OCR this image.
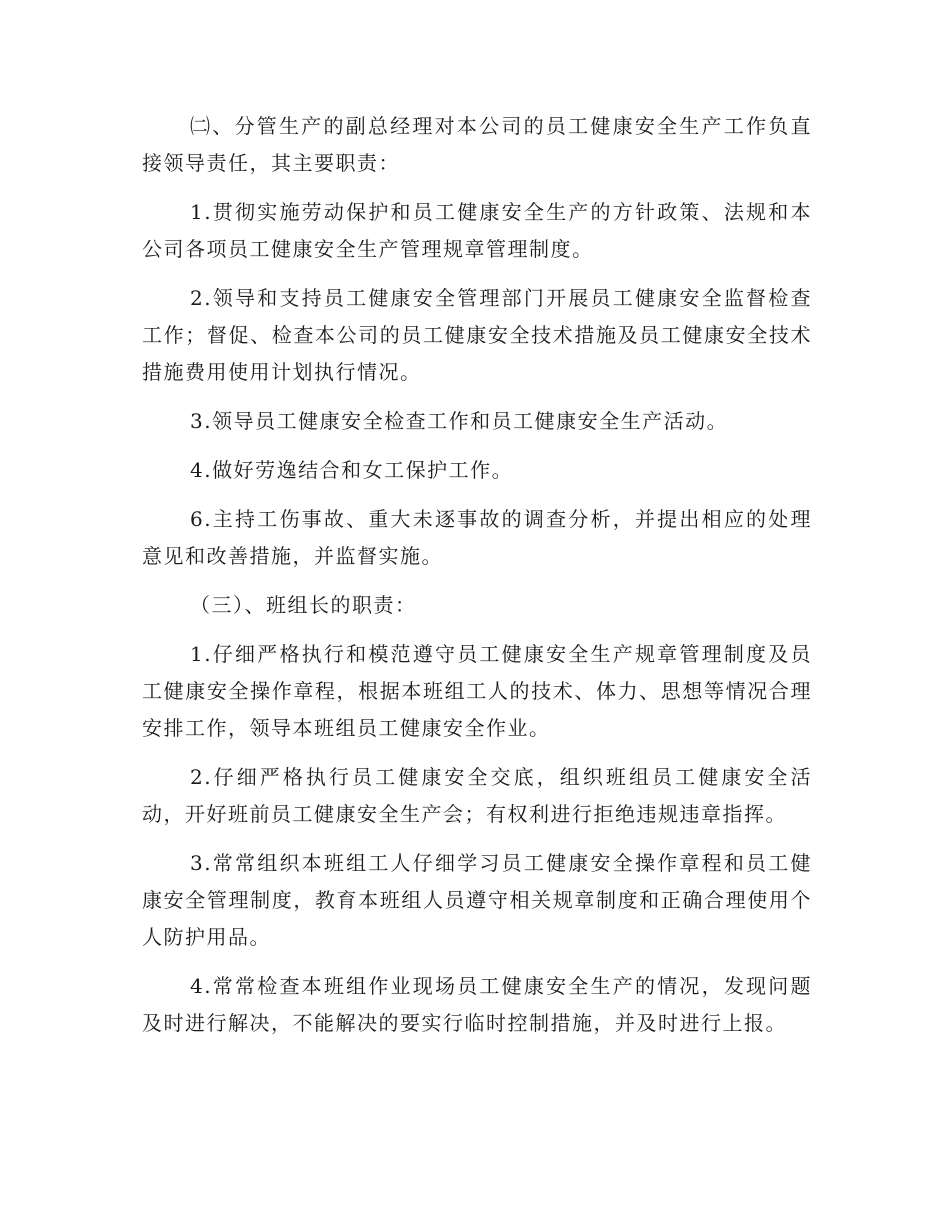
㈡、分管生产的副总经理对本公司的员工健康安全生产工作负直接领导责任，其主要职责：

1.贯彻实施劳动保护和员工健康安全生产的方针政策、法规和本公司各项员工健康安全生产管理规章管理制度。

2.领导和支持员工健康安全管理部门开展员工健康安全监督检查工作；督促、检查本公司的员工健康安全技术措施及员工健康安全技术措施费用使用计划执行情况。

3.领导员工健康安全检查工作和员工健康安全生产活动。

4.做好劳逸结合和女工保护工作。

6.主持工伤事故、重大未逐事故的调查分析，并提出相应的处理意见和改善措施，并监督实施。

（三）、班组长的职责：

1.仔细严格执行和模范遵守员工健康安全生产规章管理制度及员工健康安全操作章程，根据本班组工人的技术、体力、思想等情况合理安排工作，领导本班组员工健康安全作业。

2.仔细严格执行员工健康安全交底，组织班组员工健康安全活动，开好班前员工健康安全生产会；有权利进行拒绝违规违章指挥。

3.常常组织本班组工人仔细学习员工健康安全操作章程和员工健康安全管理制度，教育本班组人员遵守相关规章制度和正确合理使用个人防护用品。

4.常常检查本班组作业现场员工健康安全生产的情况，发现问题及时进行解决，不能解决的要实行临时控制措施，并及时进行上报。
